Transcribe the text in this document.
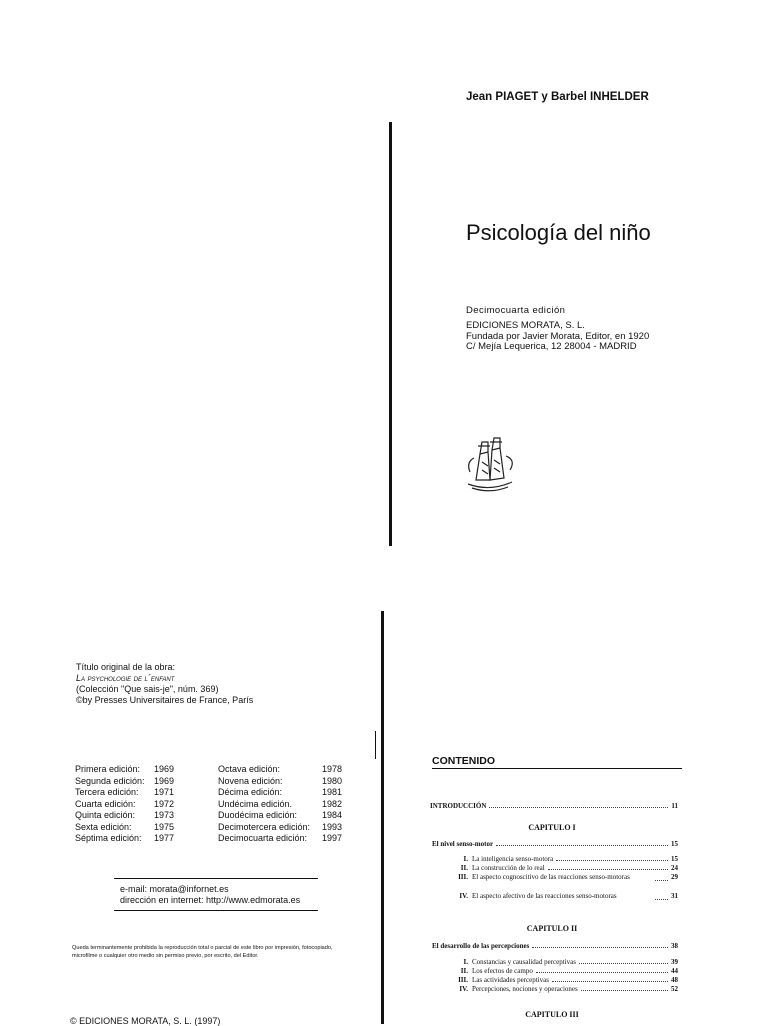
Jean PIAGET y Barbel INHELDER
Psicología del niño
Decimocuarta edición
EDICIONES MORATA, S. L.
Fundada por Javier Morata, Editor, en 1920
C/ Mejía Lequerica, 12 28004 - MADRID
Título original de la obra:
La psychologie de l´enfant
(Colección "Que sais-je", núm. 369)
©by Presses Universitaires de France, París
Primera edición:	1969	Octava edición:	1978
Segunda edición:	1969	Novena edición:	1980
Tercera edición:	1971	Décima edición:	1981
Cuarta edición:	1972	Undécima edición.	1982
Quinta edición:	1973	Duodécima edición:	1984
Sexta edición:	1975	Decimotercera edición:	1993
Séptima edición:	1977	Decimocuarta edición:	1997
e-mail: morata@infornet.es
dirección en internet: http://www.edmorata.es
Queda terminantemente prohibida la reproducción total o parcial de este libro por impresión, fotocopiado, microfilme o cualquier otro medio sin permiso previo, por escrito, del Editor.
© EDICIONES MORATA, S. L. (1997)
CONTENIDO
INTRODUCCIÓN	11
CAPITULO I
El nivel senso-motor	15
I. La inteligencia senso-motora	15
II. La construcción de lo real	24
III. El aspecto cognoscitivo de las reacciones senso-motoras	29
IV. El aspecto afectivo de las reacciones senso-motoras	31
CAPITULO II
El desarrollo de las percepciones	38
I. Constancias y causalidad perceptivas	39
II. Los efectos de campo	44
III. Las actividades perceptivas	48
IV. Percepciones, nociones y operaciones	52
CAPITULO III
